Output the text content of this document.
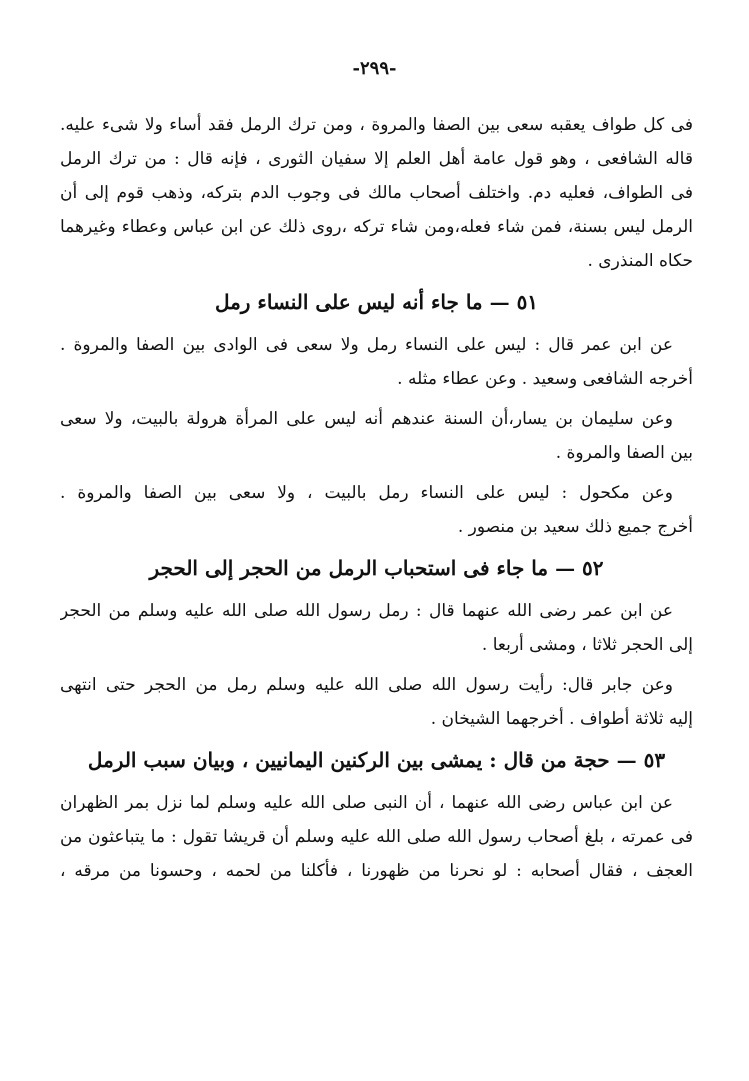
-٢٩٩-
فى كل طواف يعقبه سعى بين الصفا والمروة ، ومن ترك الرمل فقد أساء ولا شىء عليه.
قاله الشافعى ، وهو قول عامة أهل العلم إلا سفيان الثورى ، فإنه قال : من ترك الرمل
فى الطواف، فعليه دم. واختلف أصحاب مالك فى وجوب الدم بتركه، وذهب قوم إلى أن
الرمل ليس بسنة، فمن شاء فعله،ومن شاء تركه ،روى ذلك عن ابن عباس وعطاء وغيرهما
حكاه المنذرى .
٥١ — ما جاء أنه ليس على النساء رمل
عن ابن عمر قال : ليس على النساء رمل ولا سعى فى الوادى بين الصفا والمروة .
أخرجه الشافعى وسعيد . وعن عطاء مثله .
وعن سليمان بن يسار،أن السنة عندهم أنه ليس على المرأة هرولة بالبيت، ولا سعى
بين الصفا والمروة .
وعن مكحول : ليس على النساء رمل بالبيت ، ولا سعى بين الصفا والمروة .
أخرج جميع ذلك سعيد بن منصور .
٥٢ — ما جاء فى استحباب الرمل من الحجر إلى الحجر
عن ابن عمر رضى الله عنهما قال : رمل رسول الله صلى الله عليه وسلم من الحجر
إلى الحجر ثلاثا ، ومشى أربعا .
وعن جابر قال: رأيت رسول الله صلى الله عليه وسلم رمل من الحجر حتى انتهى
إليه ثلاثة أطواف . أخرجهما الشيخان .
٥٣ — حجة من قال : يمشى بين الركنين اليمانيين ، وبيان سبب الرمل
عن ابن عباس رضى الله عنهما ، أن النبى صلى الله عليه وسلم لما نزل بمر الظهران
فى عمرته ، بلغ أصحاب رسول الله صلى الله عليه وسلم أن قريشا تقول : ما يتباعثون من
العجف ، فقال أصحابه : لو نحرنا من ظهورنا ، فأكلنا من لحمه ، وحسونا من مرقه ،
